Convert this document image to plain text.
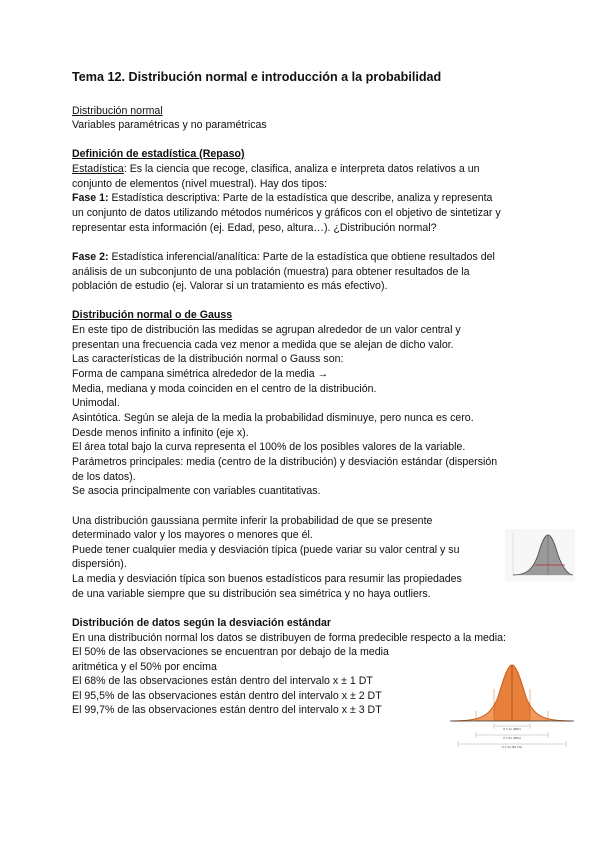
Tema 12. Distribución normal e introducción a la probabilidad
Distribución normal
Variables paramétricas y no paramétricas
Definición de estadística (Repaso)
Estadística: Es la ciencia que recoge, clasifica, analiza e interpreta datos relativos a un
conjunto de elementos (nivel muestral). Hay dos tipos:
Fase 1: Estadística descriptiva: Parte de la estadística que describe, analiza y representa
un conjunto de datos utilizando métodos numéricos y gráficos con el objetivo de sintetizar y
representar esta información (ej. Edad, peso, altura…). ¿Distribución normal?
Fase 2: Estadística inferencial/analítica: Parte de la estadística que obtiene resultados del
análisis de un subconjunto de una población (muestra) para obtener resultados de la
población de estudio (ej. Valorar si un tratamiento es más efectivo).
Distribución normal o de Gauss
En este tipo de distribución las medidas se agrupan alrededor de un valor central y
presentan una frecuencia cada vez menor a medida que se alejan de dicho valor.
Las características de la distribución normal o Gauss son:
Forma de campana simétrica alrededor de la media →
Media, mediana y moda coinciden en el centro de la distribución.
Unimodal.
Asintótica. Según se aleja de la media la probabilidad disminuye, pero nunca es cero.
Desde menos infinito a infinito (eje x).
El área total bajo la curva representa el 100% de los posibles valores de la variable.
Parámetros principales: media (centro de la distribución) y desviación estándar (dispersión
de los datos).
Se asocia principalmente con variables cuantitativas.
Una distribución gaussiana permite inferir la probabilidad de que se presente
determinado valor y los mayores o menores que él.
Puede tener cualquier media y desviación típica (puede variar su valor central y su
dispersión).
La media y desviación típica son buenos estadísticos para resumir las propiedades
de una variable siempre que su distribución sea simétrica y no haya outliers.
Distribución de datos según la desviación estándar
En una distribución normal los datos se distribuyen de forma predecible respecto a la media:
El 50% de las observaciones se encuentran por debajo de la media
aritmética y el 50% por encima
El 68% de las observaciones están dentro del intervalo x ± 1 DT
El 95,5% de las observaciones están dentro del intervalo x ± 2 DT
El 99,7% de las observaciones están dentro del intervalo x ± 3 DT
X ± 1σ (68%)
X ± 2σ (95%)
X ± 3σ (99.7%)
